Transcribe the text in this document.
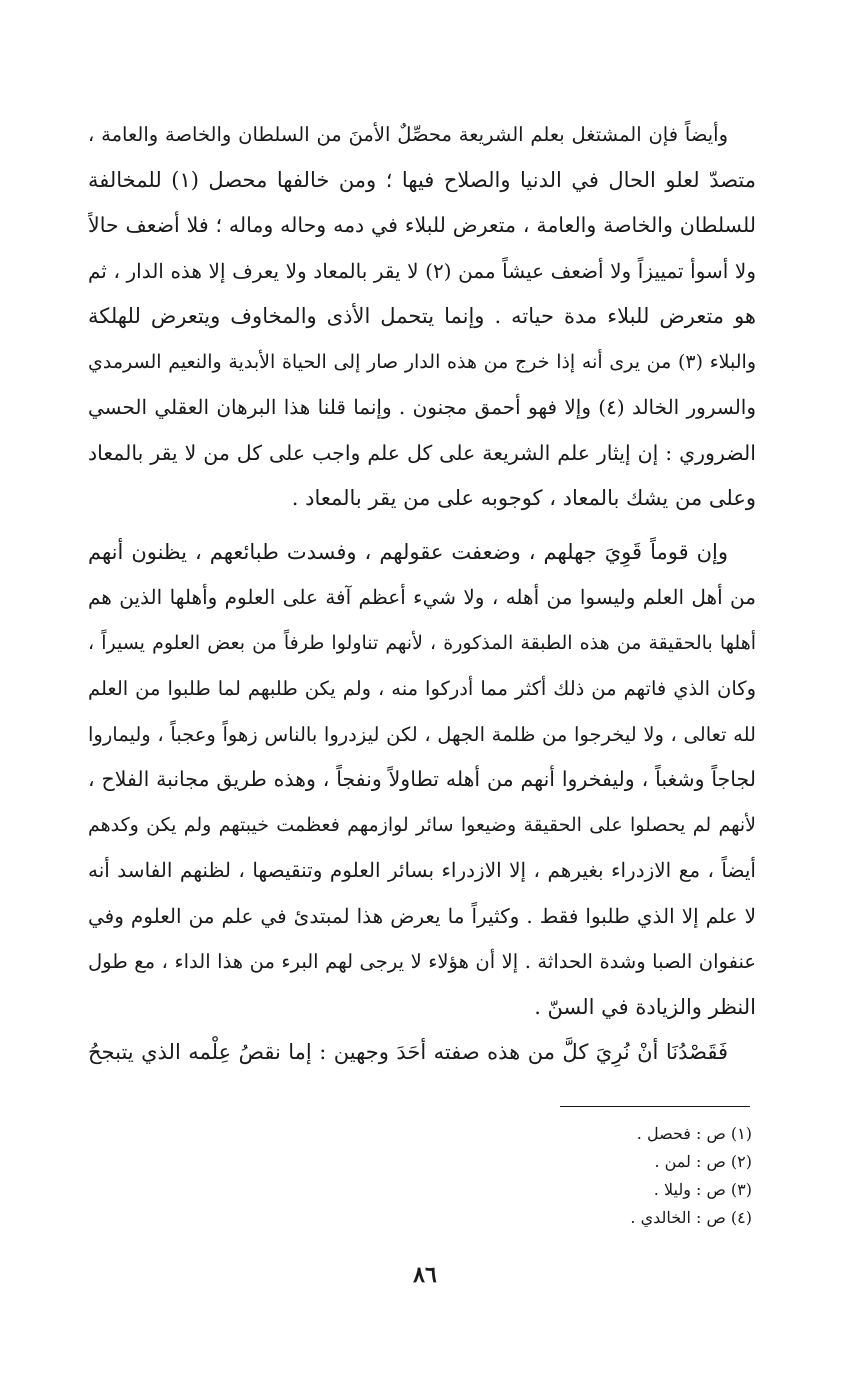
وأيضاً فإن المشتغل بعلم الشريعة محصِّلٌ الأمنَ من السلطان والخاصة والعامة ،
متصدّ لعلو الحال في الدنيا والصلاح فيها ؛ ومن خالفها محصل (١) للمخالفة
للسلطان والخاصة والعامة ، متعرض للبلاء في دمه وحاله وماله ؛ فلا أضعف حالاً
ولا أسوأ تمييزاً ولا أضعف عيشاً ممن (٢) لا يقر بالمعاد ولا يعرف إلا هذه الدار ، ثم
هو متعرض للبلاء مدة حياته . وإنما يتحمل الأذى والمخاوف ويتعرض للهلكة
والبلاء (٣) من يرى أنه إذا خرج من هذه الدار صار إلى الحياة الأبدية والنعيم السرمدي
والسرور الخالد (٤) وإلا فهو أحمق مجنون . وإنما قلنا هذا البرهان العقلي الحسي
الضروري : إن إيثار علم الشريعة على كل علم واجب على كل من لا يقر بالمعاد
وعلى من يشك بالمعاد ، كوجوبه على من يقر بالمعاد .
وإن قوماً قَوِيَ جهلهم ، وضعفت عقولهم ، وفسدت طبائعهم ، يظنون أنهم
من أهل العلم وليسوا من أهله ، ولا شيء أعظم آفة على العلوم وأهلها الذين هم
أهلها بالحقيقة من هذه الطبقة المذكورة ، لأنهم تناولوا طرفاً من بعض العلوم يسيراً ،
وكان الذي فاتهم من ذلك أكثر مما أدركوا منه ، ولم يكن طلبهم لما طلبوا من العلم
لله تعالى ، ولا ليخرجوا من ظلمة الجهل ، لكن ليزدروا بالناس زهواً وعجباً ، وليماروا
لجاجاً وشغباً ، وليفخروا أنهم من أهله تطاولاً ونفجاً ، وهذه طريق مجانبة الفلاح ،
لأنهم لم يحصلوا على الحقيقة وضيعوا سائر لوازمهم فعظمت خيبتهم ولم يكن وكدهم
أيضاً ، مع الازدراء بغيرهم ، إلا الازدراء بسائر العلوم وتنقيصها ، لظنهم الفاسد أنه
لا علم إلا الذي طلبوا فقط . وكثيراً ما يعرض هذا لمبتدئ في علم من العلوم وفي
عنفوان الصبا وشدة الحداثة . إلا أن هؤلاء لا يرجى لهم البرء من هذا الداء ، مع طول
النظر والزيادة في السنّ .
فَقَصْدُنَا أنْ نُرِيَ كلَّ من هذه صفته أحَدَ وجهين : إما نقصُ عِلْمه الذي يتبجحُ
(١) ص : فحصل .
(٢) ص : لمن .
(٣) ص : وليلا .
(٤) ص : الخالدي .
٨٦
